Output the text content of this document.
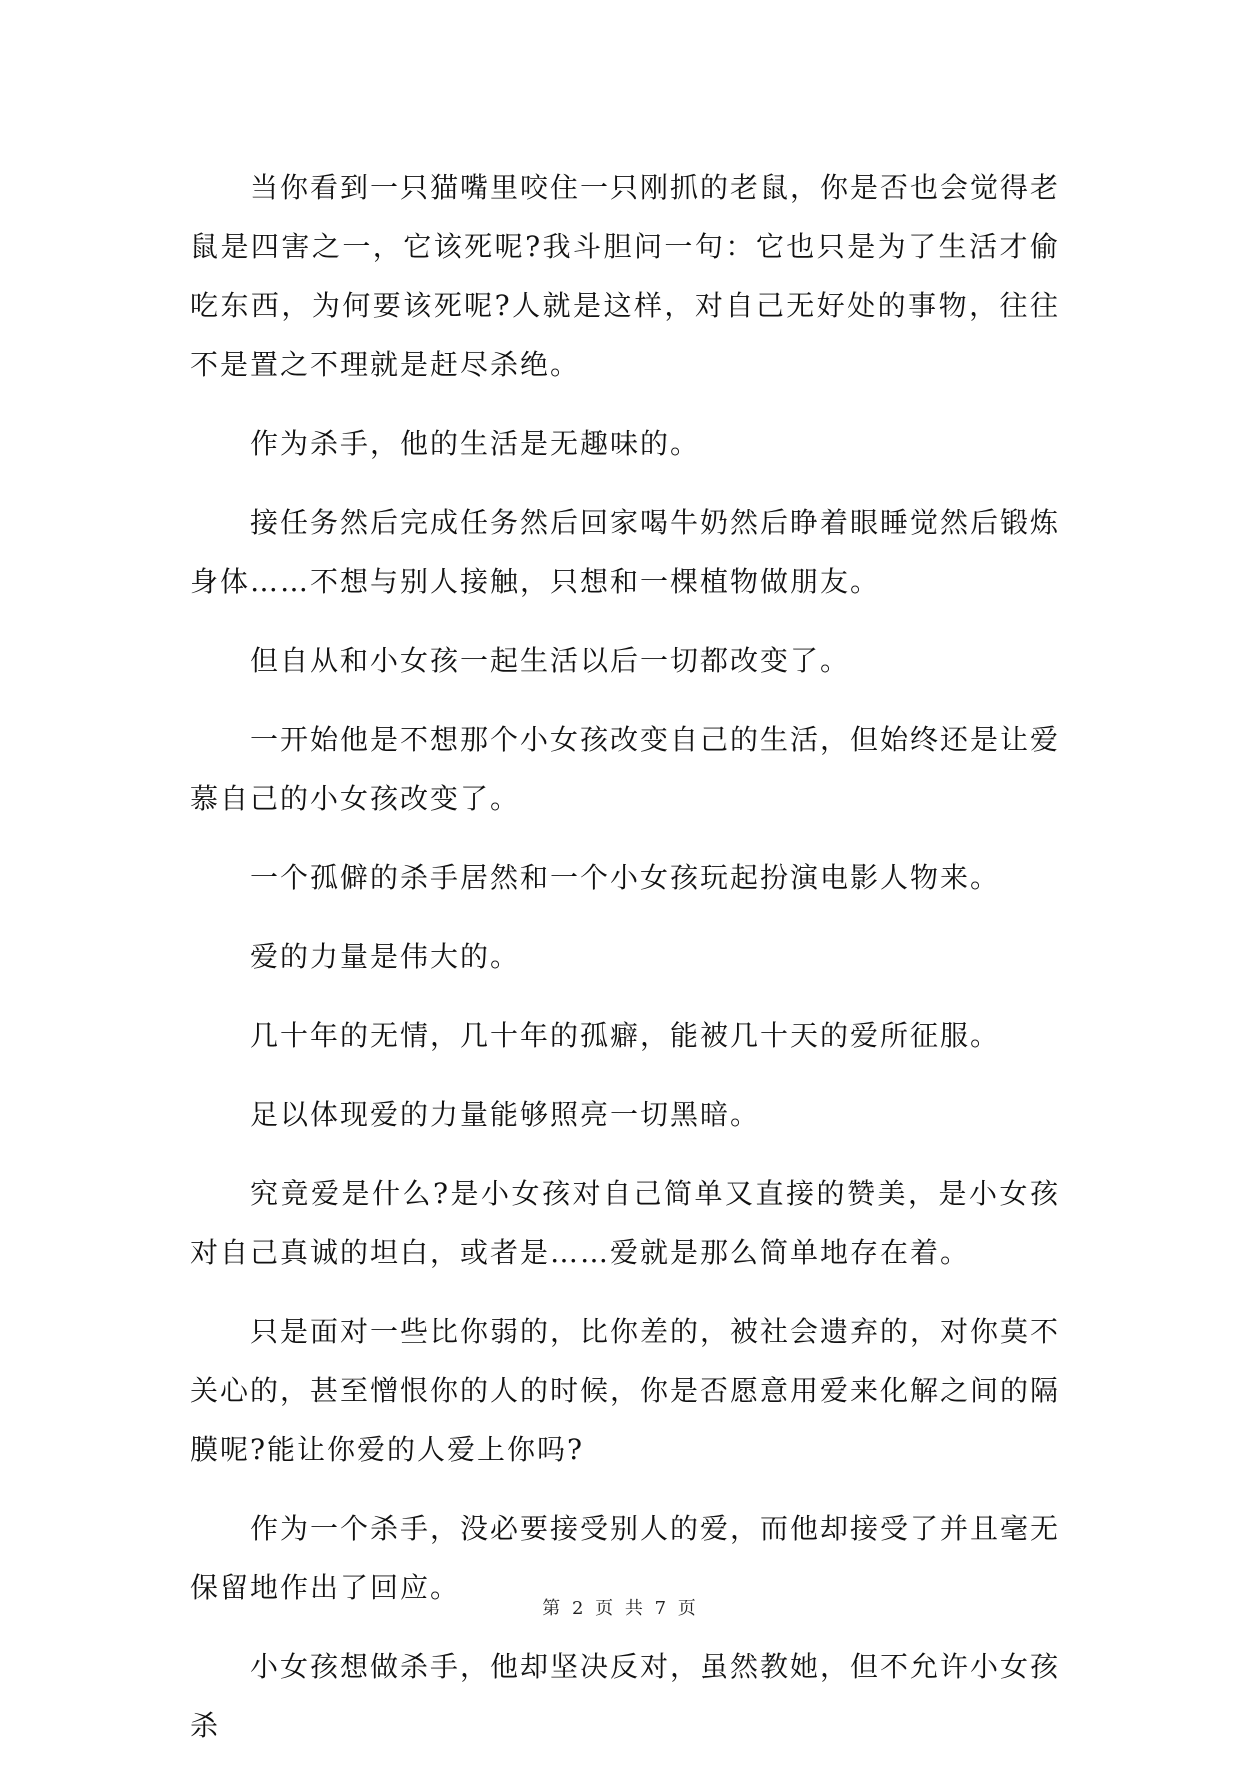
当你看到一只猫嘴里咬住一只刚抓的老鼠，你是否也会觉得老鼠是四害之一，它该死呢?我斗胆问一句：它也只是为了生活才偷吃东西，为何要该死呢?人就是这样，对自己无好处的事物，往往不是置之不理就是赶尽杀绝。

作为杀手，他的生活是无趣味的。

接任务然后完成任务然后回家喝牛奶然后睁着眼睡觉然后锻炼身体……不想与别人接触，只想和一棵植物做朋友。

但自从和小女孩一起生活以后一切都改变了。

一开始他是不想那个小女孩改变自己的生活，但始终还是让爱慕自己的小女孩改变了。

一个孤僻的杀手居然和一个小女孩玩起扮演电影人物来。

爱的力量是伟大的。

几十年的无情，几十年的孤癖，能被几十天的爱所征服。

足以体现爱的力量能够照亮一切黑暗。

究竟爱是什么?是小女孩对自己简单又直接的赞美，是小女孩对自己真诚的坦白，或者是……爱就是那么简单地存在着。

只是面对一些比你弱的，比你差的，被社会遗弃的，对你莫不关心的，甚至憎恨你的人的时候，你是否愿意用爱来化解之间的隔膜呢?能让你爱的人爱上你吗?

作为一个杀手，没必要接受别人的爱，而他却接受了并且毫无保留地作出了回应。

小女孩想做杀手，他却坚决反对，虽然教她，但不允许小女孩杀

第 2 页 共 7 页
